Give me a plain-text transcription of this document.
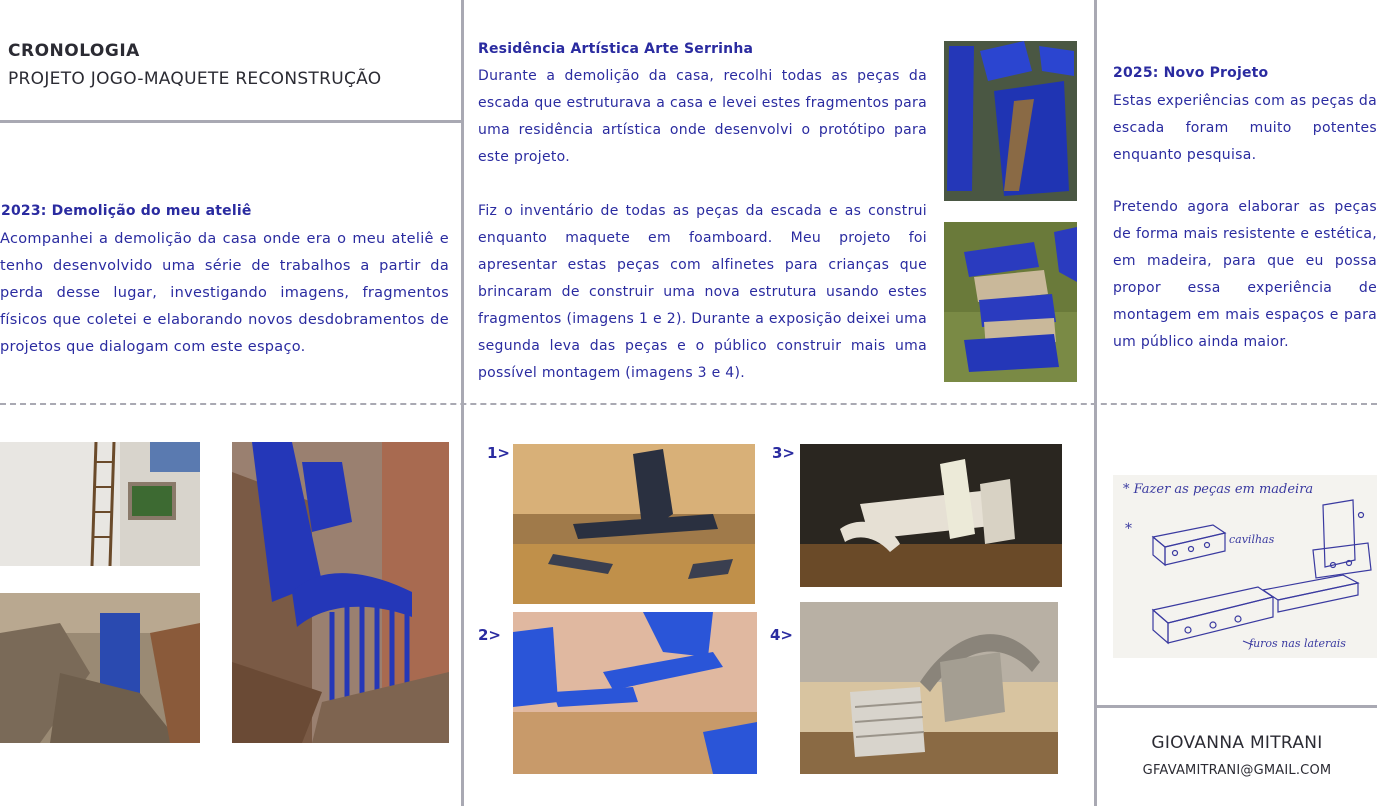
CRONOLOGIA
PROJETO JOGO-MAQUETE RECONSTRUÇÃO
2023: Demolição do meu ateliê

Acompanhei a demolição da casa onde era o meu ateliê e tenho desenvolvido uma série de trabalhos a partir da perda desse lugar, investigando imagens, fragmentos físicos que coletei e elaborando novos desdobramentos de projetos que dialogam com este espaço.

Residência Artística Arte Serrinha

Durante a demolição da casa, recolhi todas as peças da escada que estruturava a casa e levei estes fragmentos para uma residência artística onde desenvolvi o protótipo para este projeto.

Fiz o inventário de todas as peças da escada e as construi enquanto maquete em foamboard. Meu projeto foi apresentar estas peças com alfinetes para crianças que brincaram de construir uma nova estrutura usando estes fragmentos (imagens 1 e 2). Durante a exposição deixei uma segunda leva das peças e o público construir mais uma possível montagem (imagens 3 e 4).

2025: Novo Projeto

Estas experiências com as peças da escada foram muito potentes enquanto pesquisa.

Pretendo agora elaborar as peças de forma mais resistente e estética, em madeira, para que eu possa propor essa experiência de montagem em mais espaços e para um público ainda maior.

1>
2>
3>
4>
* Fazer as peças em madeira
*
cavilhas
furos nas laterais
GIOVANNA MITRANI
GFAVAMITRANI@GMAIL.COM
